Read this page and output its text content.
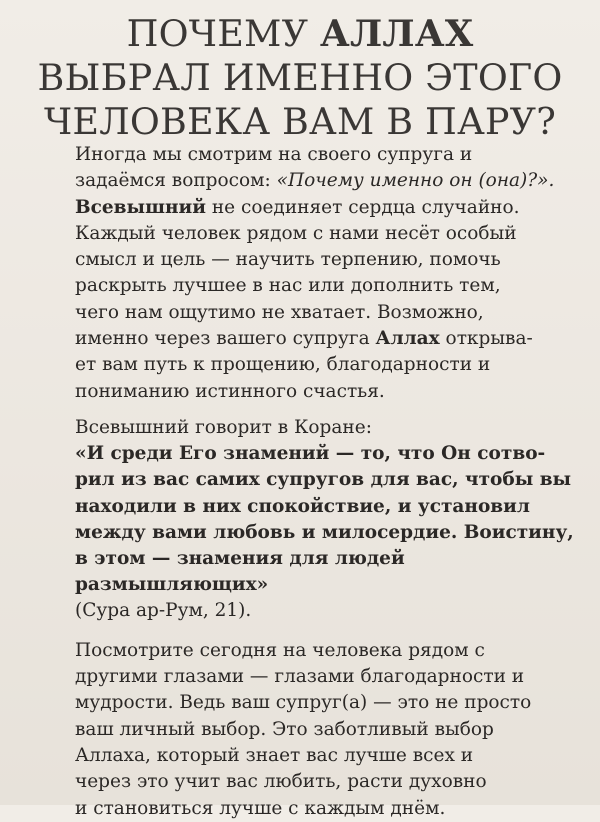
ПОЧЕМУ АЛЛАХ
ВЫБРАЛ ИМЕННО ЭТОГО
ЧЕЛОВЕКА ВАМ В ПАРУ?
Иногда мы смотрим на своего супруга и
задаёмся вопросом: «Почему именно он (она)?».
Всевышний не соединяет сердца случайно.
Каждый человек рядом с нами несёт особый
смысл и цель — научить терпению, помочь
раскрыть лучшее в нас или дополнить тем,
чего нам ощутимо не хватает. Возможно,
именно через вашего супруга Аллах открыва-
ет вам путь к прощению, благодарности и
пониманию истинного счастья.
Всевышний говорит в Коране:
«И среди Его знамений — то, что Он сотво-
рил из вас самих супругов для вас, чтобы вы
находили в них спокойствие, и установил
между вами любовь и милосердие. Воистину,
в этом — знамения для людей
размышляющих»
(Сура ар-Рум, 21).
Посмотрите сегодня на человека рядом с
другими глазами — глазами благодарности и
мудрости. Ведь ваш супруг(а) — это не просто
ваш личный выбор. Это заботливый выбор
Аллаха, который знает вас лучше всех и
через это учит вас любить, расти духовно
и становиться лучше с каждым днём.
